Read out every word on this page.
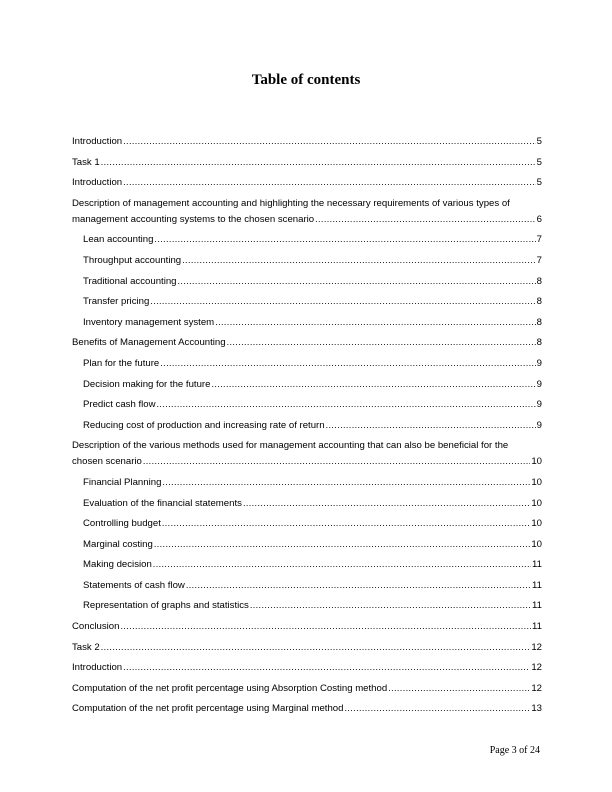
Table of contents
Introduction .....	5
Task 1 .....	5
Introduction .....	5
Description of management accounting and highlighting the necessary requirements of various types of
management accounting systems to the chosen scenario .....	6
Lean accounting .....	7
Throughput accounting .....	7
Traditional accounting .....	8
Transfer pricing .....	8
Inventory management system .....	8
Benefits of Management Accounting .....	8
Plan for the future .....	9
Decision making for the future .....	9
Predict cash flow .....	9
Reducing cost of production and increasing rate of return .....	9
Description of the various methods used for management accounting that can also be beneficial for the
chosen scenario .....	10
Financial Planning .....	10
Evaluation of the financial statements .....	10
Controlling budget .....	10
Marginal costing .....	10
Making decision .....	11
Statements of cash flow .....	11
Representation of graphs and statistics .....	11
Conclusion .....	11
Task 2 .....	12
Introduction .....	12
Computation of the net profit percentage using Absorption Costing method .....	12
Computation of the net profit percentage using Marginal method .....	13
Page 3 of 24
